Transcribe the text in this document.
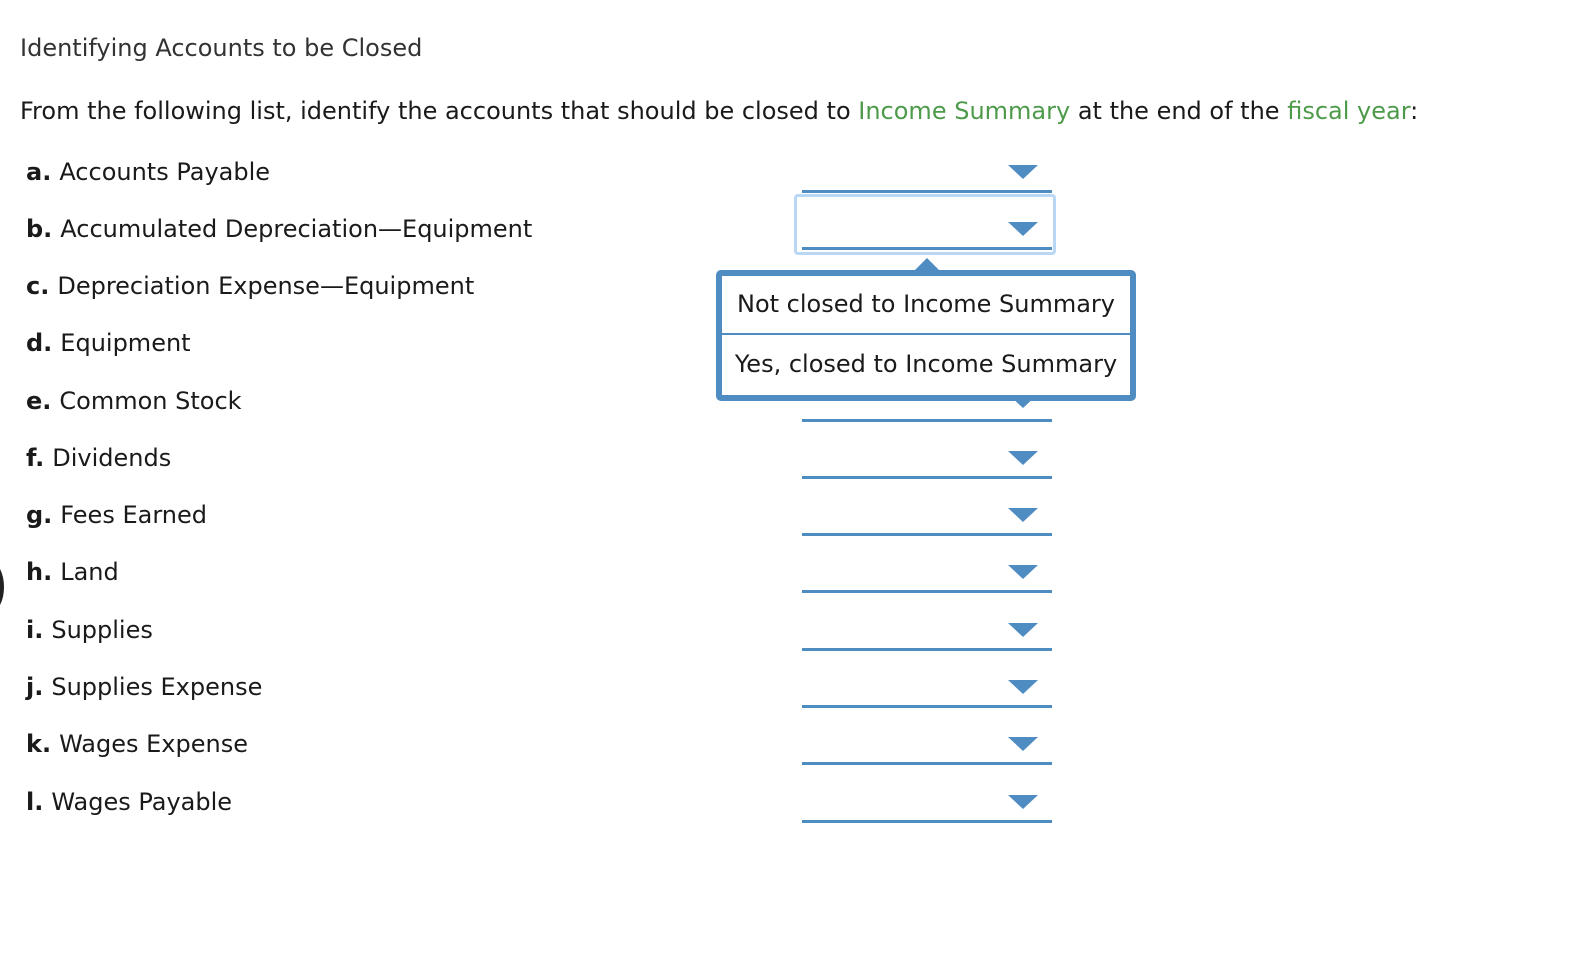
Identifying Accounts to be Closed
From the following list, identify the accounts that should be closed to Income Summary at the end of the fiscal year:
a. Accounts Payable
b. Accumulated Depreciation—Equipment
c. Depreciation Expense—Equipment
d. Equipment
e. Common Stock
f. Dividends
g. Fees Earned
h. Land
i. Supplies
j. Supplies Expense
k. Wages Expense
l. Wages Payable
Not closed to Income Summary
Yes, closed to Income Summary
